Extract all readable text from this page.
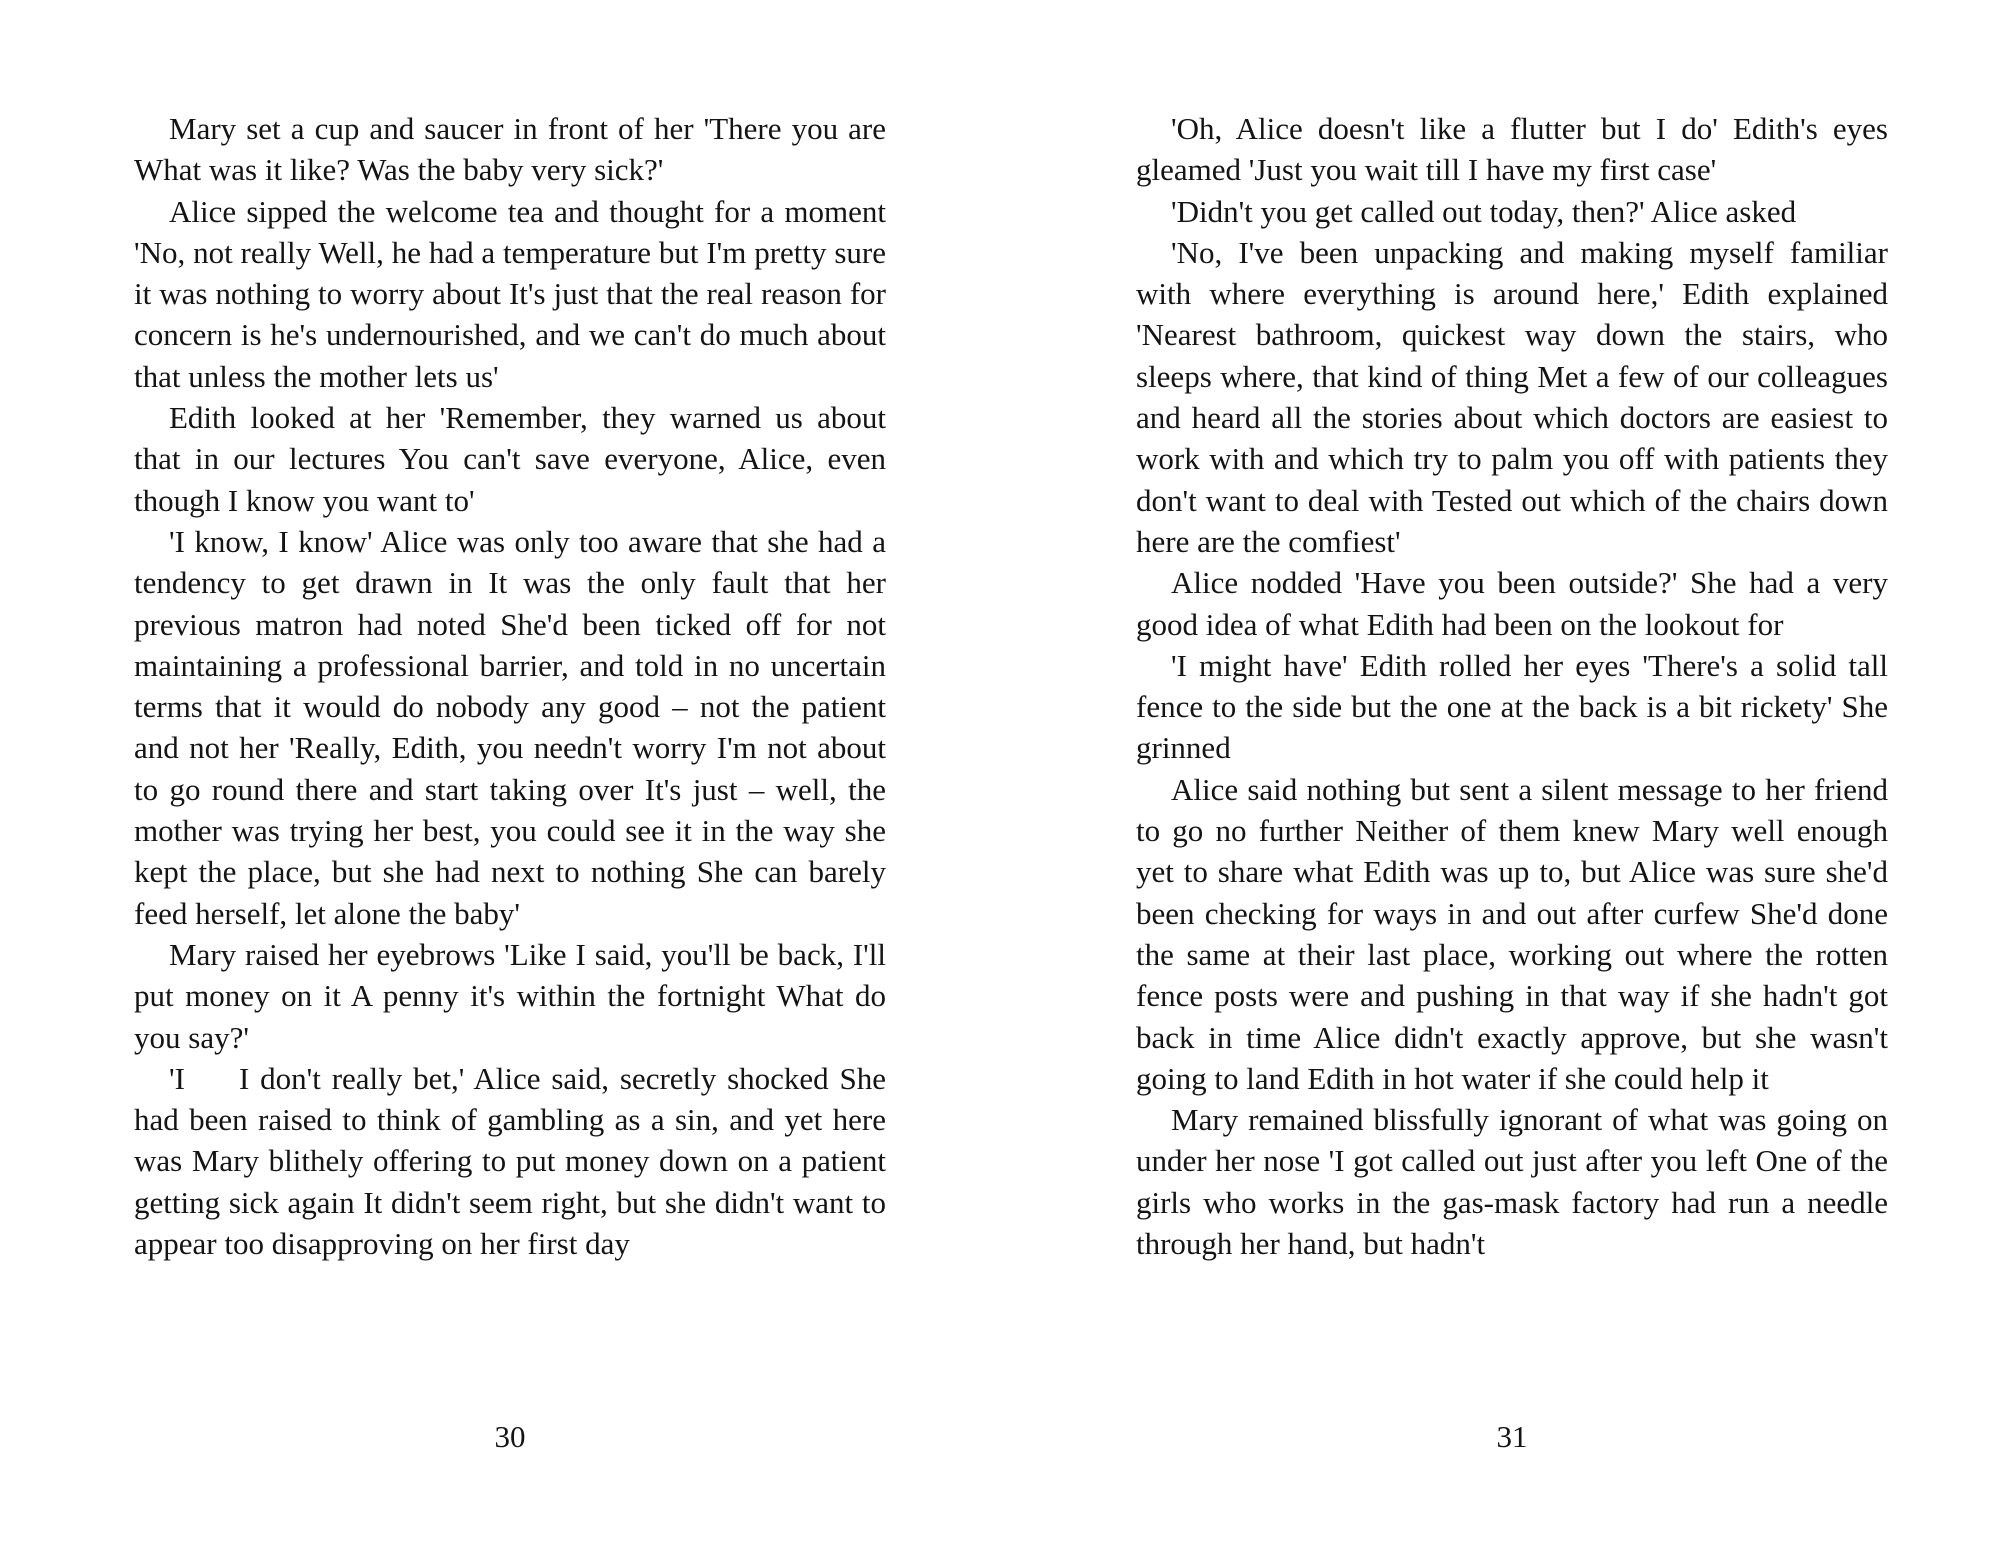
Mary set a cup and saucer in front of her 'There you are What was it like? Was the baby very sick?'

Alice sipped the welcome tea and thought for a moment 'No, not really Well, he had a temperature but I'm pretty sure it was nothing to worry about It's just that the real reason for concern is he's undernourished, and we can't do much about that unless the mother lets us'

Edith looked at her 'Remember, they warned us about that in our lectures You can't save everyone, Alice, even though I know you want to'

'I know, I know' Alice was only too aware that she had a tendency to get drawn in It was the only fault that her previous matron had noted She'd been ticked off for not maintaining a professional barrier, and told in no uncertain terms that it would do nobody any good – not the patient and not her 'Really, Edith, you needn't worry I'm not about to go round there and start taking over It's just – well, the mother was trying her best, you could see it in the way she kept the place, but she had next to nothing She can barely feed herself, let alone the baby'

Mary raised her eyebrows 'Like I said, you'll be back, I'll put money on it A penny it's within the fortnight What do you say?'

'I     I don't really bet,' Alice said, secretly shocked She had been raised to think of gambling as a sin, and yet here was Mary blithely offering to put money down on a patient getting sick again It didn't seem right, but she didn't want to appear too disapproving on her first day

'Oh, Alice doesn't like a flutter but I do' Edith's eyes gleamed 'Just you wait till I have my first case'

'Didn't you get called out today, then?' Alice asked

'No, I've been unpacking and making myself familiar with where everything is around here,' Edith explained 'Nearest bathroom, quickest way down the stairs, who sleeps where, that kind of thing Met a few of our colleagues and heard all the stories about which doctors are easiest to work with and which try to palm you off with patients they don't want to deal with Tested out which of the chairs down here are the comfiest'

Alice nodded 'Have you been outside?' She had a very good idea of what Edith had been on the lookout for

'I might have' Edith rolled her eyes 'There's a solid tall fence to the side but the one at the back is a bit rickety' She grinned

Alice said nothing but sent a silent message to her friend to go no further Neither of them knew Mary well enough yet to share what Edith was up to, but Alice was sure she'd been checking for ways in and out after curfew She'd done the same at their last place, working out where the rotten fence posts were and pushing in that way if she hadn't got back in time Alice didn't exactly approve, but she wasn't going to land Edith in hot water if she could help it

Mary remained blissfully ignorant of what was going on under her nose 'I got called out just after you left One of the girls who works in the gas-mask factory had run a needle through her hand, but hadn't

30	31
